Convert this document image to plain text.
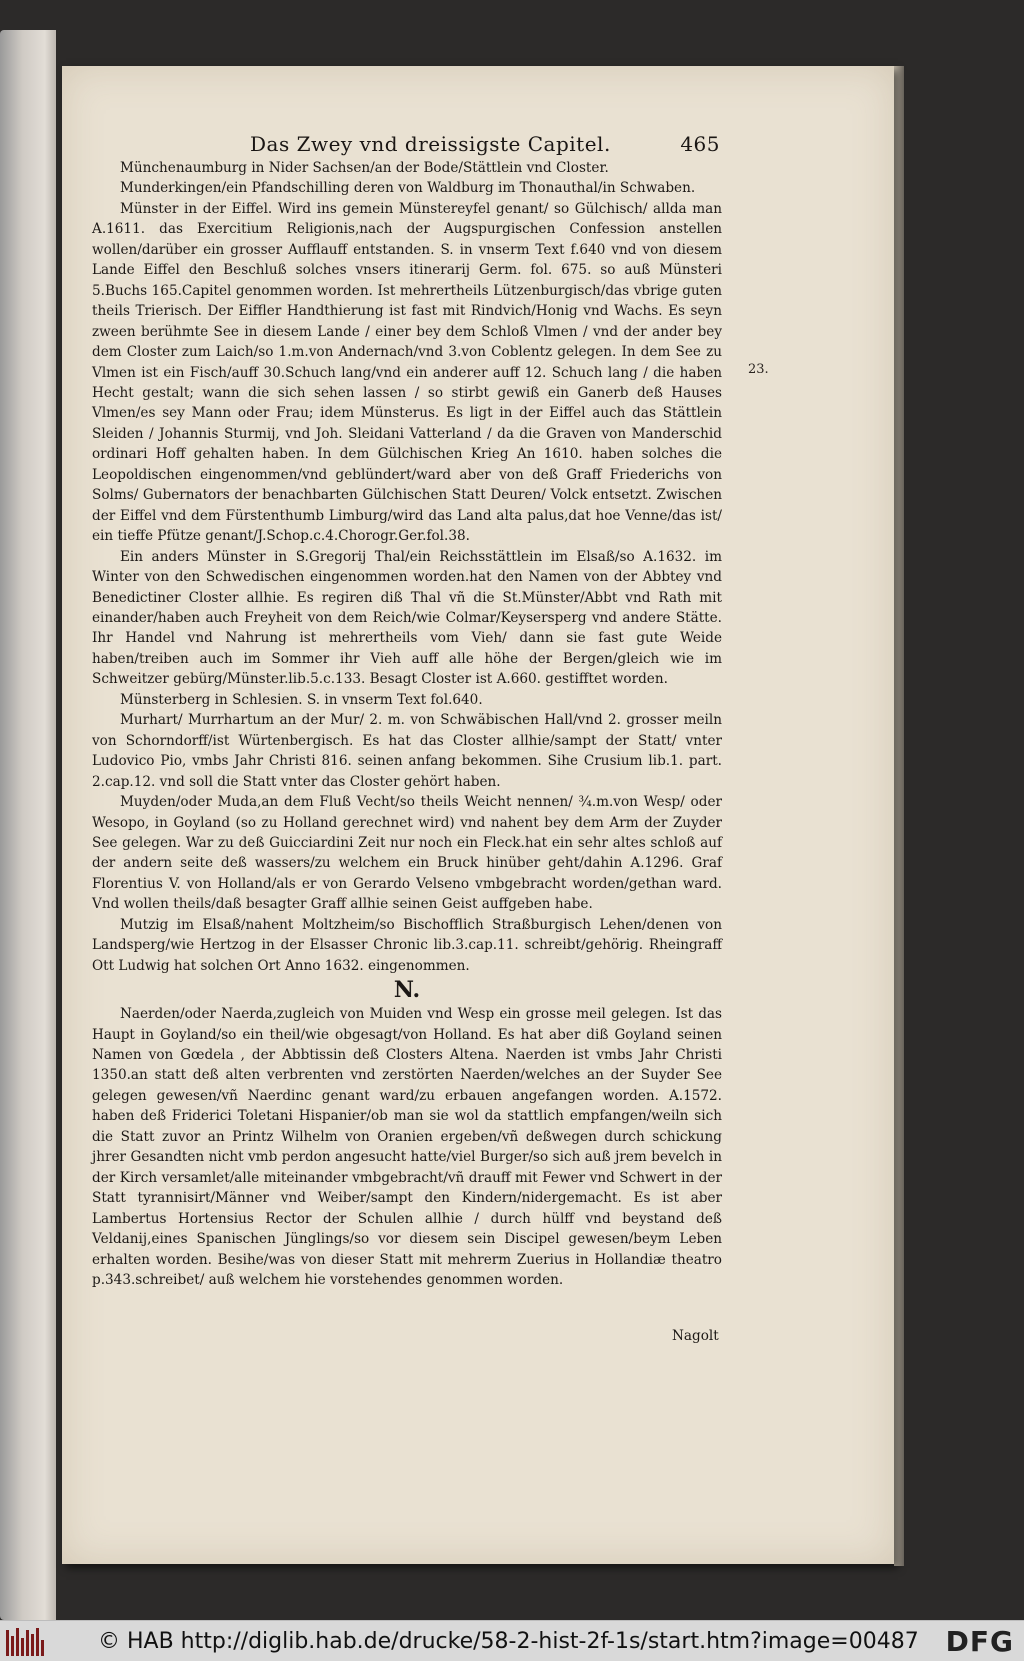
Das Zwey vnd dreissigste Capitel.	465
23.

Münchenaumburg in Nider Sachsen/an der Bode/Stättlein vnd Closter.

Munderkingen/ein Pfandschilling deren von Waldburg im Thonauthal/in Schwaben.

Münster in der Eiffel. Wird ins gemein Münstereyfel genant/ so Gülchisch/ allda man A.1611. das Exercitium Religionis,nach der Augspurgischen Confession anstellen wollen/darüber ein grosser Aufflauff entstanden. S. in vnserm Text f.640 vnd von diesem Lande Eiffel den Beschluß solches vnsers itinerarij Germ. fol. 675. so auß Münsteri 5.Buchs 165.Capitel genommen worden. Ist mehrertheils Lützenburgisch/das vbrige guten theils Trierisch. Der Eiffler Handthierung ist fast mit Rindvich/Honig vnd Wachs. Es seyn zween berühmte See in diesem Lande / einer bey dem Schloß Vlmen / vnd der ander bey dem Closter zum Laich/so 1.m.von Andernach/vnd 3.von Coblentz gelegen. In dem See zu Vlmen ist ein Fisch/auff 30.Schuch lang/vnd ein anderer auff 12. Schuch lang / die haben Hecht gestalt; wann die sich sehen lassen / so stirbt gewiß ein Ganerb deß Hauses Vlmen/es sey Mann oder Frau; idem Münsterus. Es ligt in der Eiffel auch das Stättlein Sleiden / Johannis Sturmij, vnd Joh. Sleidani Vatterland / da die Graven von Manderschid ordinari Hoff gehalten haben. In dem Gülchischen Krieg An 1610. haben solches die Leopoldischen eingenommen/vnd geblündert/ward aber von deß Graff Friederichs von Solms/ Gubernators der benachbarten Gülchischen Statt Deuren/ Volck entsetzt. Zwischen der Eiffel vnd dem Fürstenthumb Limburg/wird das Land alta palus,dat hoe Venne/das ist/ ein tieffe Pfütze genant/J.Schop.c.4.Chorogr.Ger.fol.38.

Ein anders Münster in S.Gregorij Thal/ein Reichsstättlein im Elsaß/so A.1632. im Winter von den Schwedischen eingenommen worden.hat den Namen von der Abbtey vnd Benedictiner Closter allhie. Es regiren diß Thal vñ die St.Münster/Abbt vnd Rath mit einander/haben auch Freyheit von dem Reich/wie Colmar/Keysersperg vnd andere Stätte. Ihr Handel vnd Nahrung ist mehrertheils vom Vieh/ dann sie fast gute Weide haben/treiben auch im Sommer ihr Vieh auff alle höhe der Bergen/gleich wie im Schweitzer gebürg/Münster.lib.5.c.133. Besagt Closter ist A.660. gestifftet worden.

Münsterberg in Schlesien. S. in vnserm Text fol.640.

Murhart/ Murrhartum an der Mur/ 2. m. von Schwäbischen Hall/vnd 2. grosser meiln von Schorndorff/ist Würtenbergisch. Es hat das Closter allhie/sampt der Statt/ vnter Ludovico Pio, vmbs Jahr Christi 816. seinen anfang bekommen. Sihe Crusium lib.1. part. 2.cap.12. vnd soll die Statt vnter das Closter gehört haben.

Muyden/oder Muda,an dem Fluß Vecht/so theils Weicht nennen/ ¾.m.von Wesp/ oder Wesopo, in Goyland (so zu Holland gerechnet wird) vnd nahent bey dem Arm der Zuyder See gelegen. War zu deß Guicciardini Zeit nur noch ein Fleck.hat ein sehr altes schloß auf der andern seite deß wassers/zu welchem ein Bruck hinüber geht/dahin A.1296. Graf Florentius V. von Holland/als er von Gerardo Velseno vmbgebracht worden/gethan ward. Vnd wollen theils/daß besagter Graff allhie seinen Geist auffgeben habe.

Mutzig im Elsaß/nahent Moltzheim/so Bischofflich Straßburgisch Lehen/denen von Landsperg/wie Hertzog in der Elsasser Chronic lib.3.cap.11. schreibt/gehörig. Rheingraff Ott Ludwig hat solchen Ort Anno 1632. eingenommen.

N.

Naerden/oder Naerda,zugleich von Muiden vnd Wesp ein grosse meil gelegen. Ist das Haupt in Goyland/so ein theil/wie obgesagt/von Holland. Es hat aber diß Goyland seinen Namen von Gœdela , der Abbtissin deß Closters Altena. Naerden ist vmbs Jahr Christi 1350.an statt deß alten verbrenten vnd zerstörten Naerden/welches an der Suyder See gelegen gewesen/vñ Naerdinc genant ward/zu erbauen angefangen worden. A.1572. haben deß Friderici Toletani Hispanier/ob man sie wol da stattlich empfangen/weiln sich die Statt zuvor an Printz Wilhelm von Oranien ergeben/vñ deßwegen durch schickung jhrer Gesandten nicht vmb perdon angesucht hatte/viel Burger/so sich auß jrem bevelch in der Kirch versamlet/alle miteinander vmbgebracht/vñ drauff mit Fewer vnd Schwert in der Statt tyrannisirt/Männer vnd Weiber/sampt den Kindern/nidergemacht. Es ist aber Lambertus Hortensius Rector der Schulen allhie / durch hülff vnd beystand deß Veldanij,eines Spanischen Jünglings/so vor diesem sein Discipel gewesen/beym Leben erhalten worden. Besihe/was von dieser Statt mit mehrerm Zuerius in Hollandiæ theatro p.343.schreibet/ auß welchem hie vorstehendes genommen worden.

Nagolt
© HAB http://diglib.hab.de/drucke/58-2-hist-2f-1s/start.htm?image=00487 DFG
